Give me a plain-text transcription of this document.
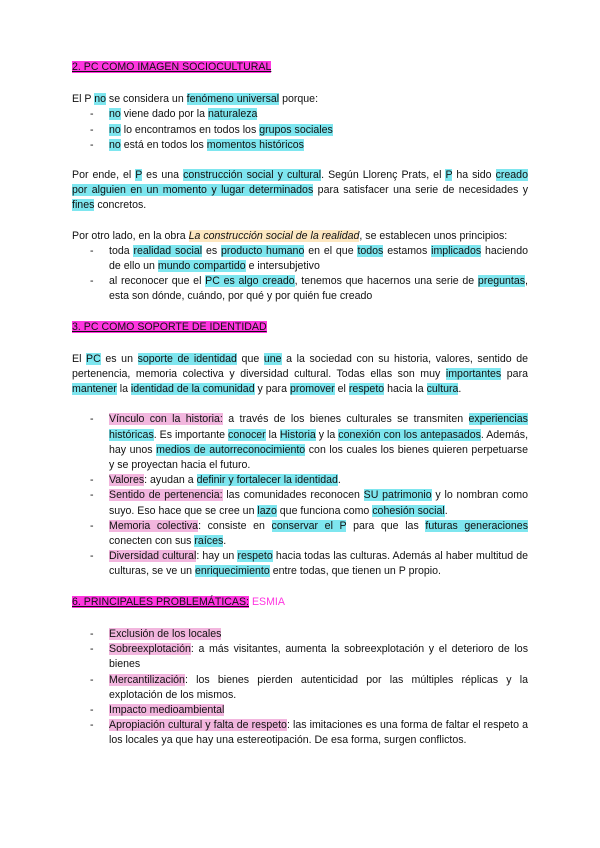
2. PC COMO IMAGEN SOCIOCULTURAL

El P no se considera un fenómeno universal porque:

- no viene dado por la naturaleza
- no lo encontramos en todos los grupos sociales
- no está en todos los momentos históricos

Por ende, el P es una construcción social y cultural. Según Llorenç Prats, el P ha sido creado por alguien en un momento y lugar determinados para satisfacer una serie de necesidades y fines concretos.

Por otro lado, en la obra La construcción social de la realidad, se establecen unos principios:

- toda realidad social es producto humano en el que todos estamos implicados haciendo de ello un mundo compartido e intersubjetivo
- al reconocer que el PC es algo creado, tenemos que hacernos una serie de preguntas, esta son dónde, cuándo, por qué y por quién fue creado

3. PC COMO SOPORTE DE IDENTIDAD

El PC es un soporte de identidad que une a la sociedad con su historia, valores, sentido de pertenencia, memoria colectiva y diversidad cultural. Todas ellas son muy importantes para mantener la identidad de la comunidad y para promover el respeto hacia la cultura.

- Vínculo con la historia: a través de los bienes culturales se transmiten experiencias históricas. Es importante conocer la Historia y la conexión con los antepasados. Además, hay unos medios de autorreconocimiento con los cuales los bienes quieren perpetuarse y se proyectan hacia el futuro.
- Valores: ayudan a definir y fortalecer la identidad.
- Sentido de pertenencia: las comunidades reconocen SU patrimonio y lo nombran como suyo. Eso hace que se cree un lazo que funciona como cohesión social.
- Memoria colectiva: consiste en conservar el P para que las futuras generaciones conecten con sus raíces.
- Diversidad cultural: hay un respeto hacia todas las culturas. Además al haber multitud de culturas, se ve un enriquecimiento entre todas, que tienen un P propio.

6. PRINCIPALES PROBLEMÁTICAS: ESMIA

- Exclusión de los locales
- Sobreexplotación: a más visitantes, aumenta la sobreexplotación y el deterioro de los bienes
- Mercantilización: los bienes pierden autenticidad por las múltiples réplicas y la explotación de los mismos.
- Impacto medioambiental
- Apropiación cultural y falta de respeto: las imitaciones es una forma de faltar el respeto a los locales ya que hay una estereotipación. De esa forma, surgen conflictos.
